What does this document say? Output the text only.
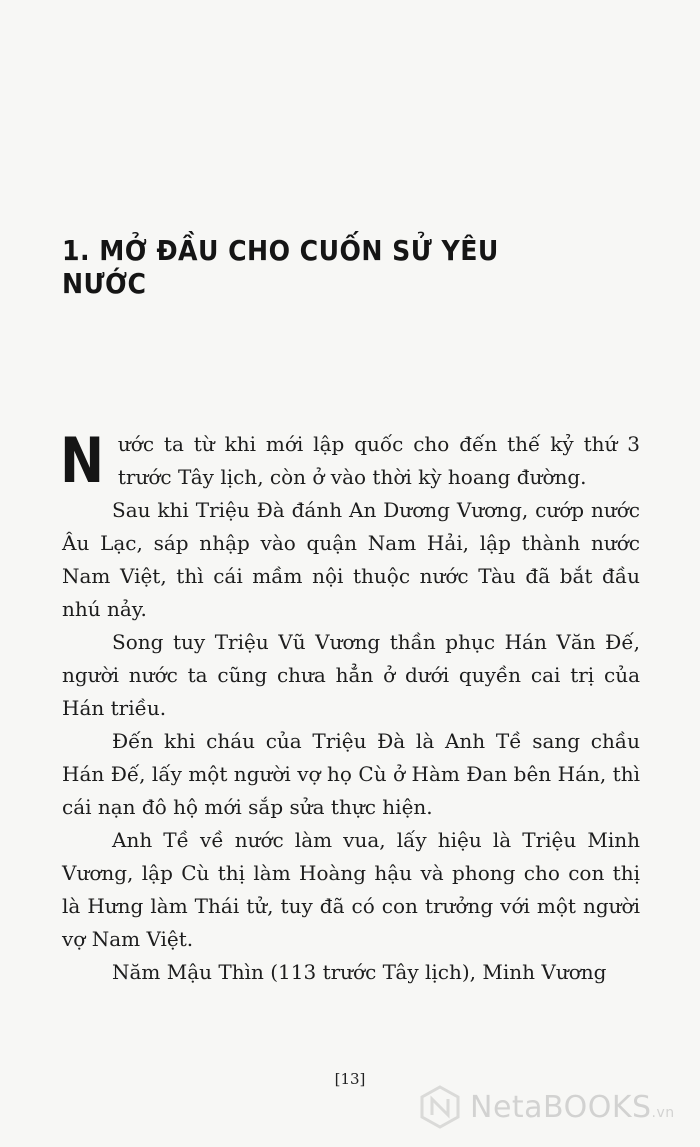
1. MỞ ĐẦU CHO CUỐN SỬ YÊU NƯỚC

Nước ta từ khi mới lập quốc cho đến thế kỷ thứ 3 trước Tây lịch, còn ở vào thời kỳ hoang đường.

Sau khi Triệu Đà đánh An Dương Vương, cướp nước Âu Lạc, sáp nhập vào quận Nam Hải, lập thành nước Nam Việt, thì cái mầm nội thuộc nước Tàu đã bắt đầu nhú nảy.

Song tuy Triệu Vũ Vương thần phục Hán Văn Đế, người nước ta cũng chưa hẳn ở dưới quyền cai trị của Hán triều.

Đến khi cháu của Triệu Đà là Anh Tề sang chầu Hán Đế, lấy một người vợ họ Cù ở Hàm Đan bên Hán, thì cái nạn đô hộ mới sắp sửa thực hiện.

Anh Tề về nước làm vua, lấy hiệu là Triệu Minh Vương, lập Cù thị làm Hoàng hậu và phong cho con thị là Hưng làm Thái tử, tuy đã có con trưởng với một người vợ Nam Việt.

Năm Mậu Thìn (113 trước Tây lịch), Minh Vương

[13]
NetaBOOKS.vn
